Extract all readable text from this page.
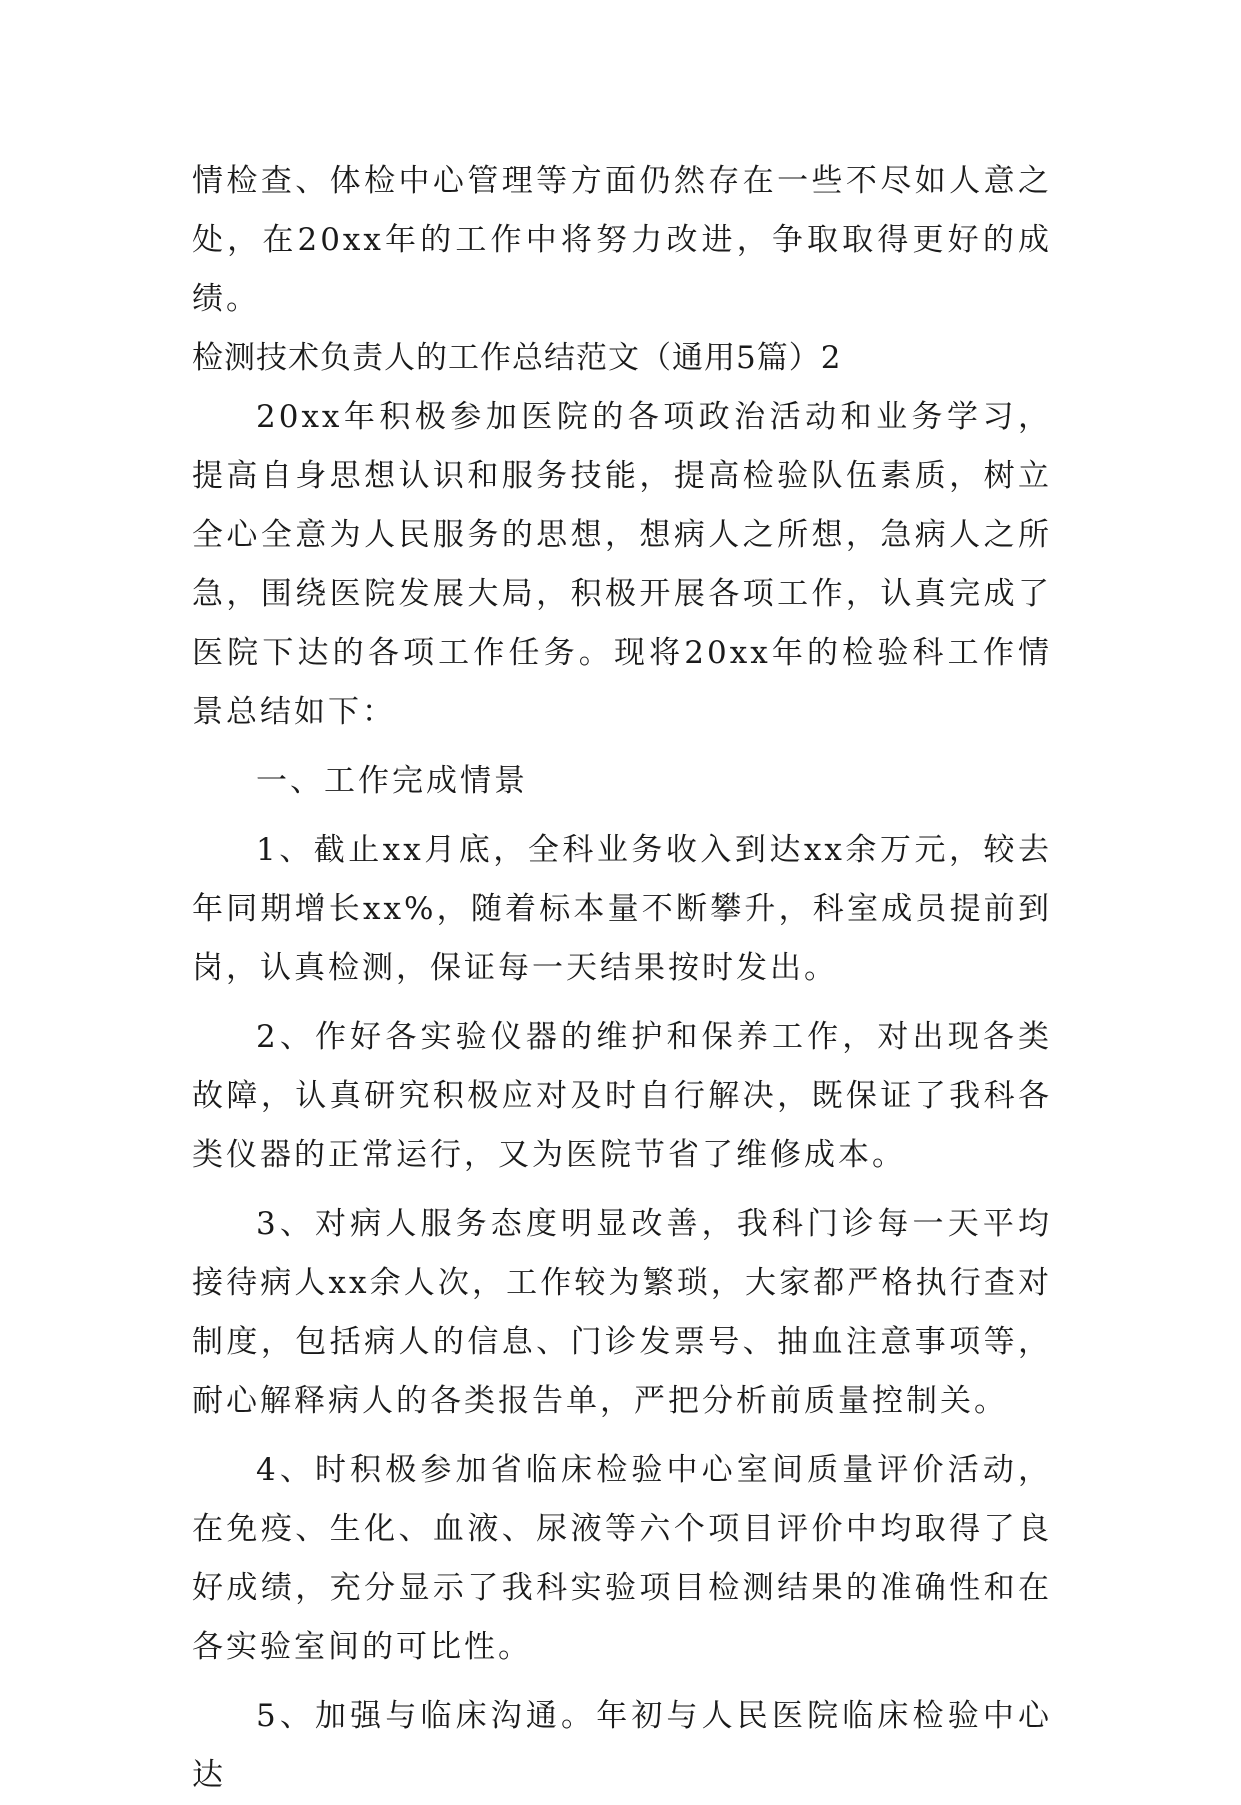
情检查、体检中心管理等方面仍然存在一些不尽如人意之处，在20xx年的工作中将努力改进，争取取得更好的成绩。

检测技术负责人的工作总结范文（通用5篇）2

20xx年积极参加医院的各项政治活动和业务学习，提高自身思想认识和服务技能，提高检验队伍素质，树立全心全意为人民服务的思想，想病人之所想，急病人之所急，围绕医院发展大局，积极开展各项工作，认真完成了医院下达的各项工作任务。现将20xx年的检验科工作情景总结如下：

一、工作完成情景

1、截止xx月底，全科业务收入到达xx余万元，较去年同期增长xx%，随着标本量不断攀升，科室成员提前到岗，认真检测，保证每一天结果按时发出。

2、作好各实验仪器的维护和保养工作，对出现各类故障，认真研究积极应对及时自行解决，既保证了我科各类仪器的正常运行，又为医院节省了维修成本。

3、对病人服务态度明显改善，我科门诊每一天平均接待病人xx余人次，工作较为繁琐，大家都严格执行查对制度，包括病人的信息、门诊发票号、抽血注意事项等，耐心解释病人的各类报告单，严把分析前质量控制关。

4、时积极参加省临床检验中心室间质量评价活动，在免疫、生化、血液、尿液等六个项目评价中均取得了良好成绩，充分显示了我科实验项目检测结果的准确性和在各实验室间的可比性。

5、加强与临床沟通。年初与人民医院临床检验中心达
